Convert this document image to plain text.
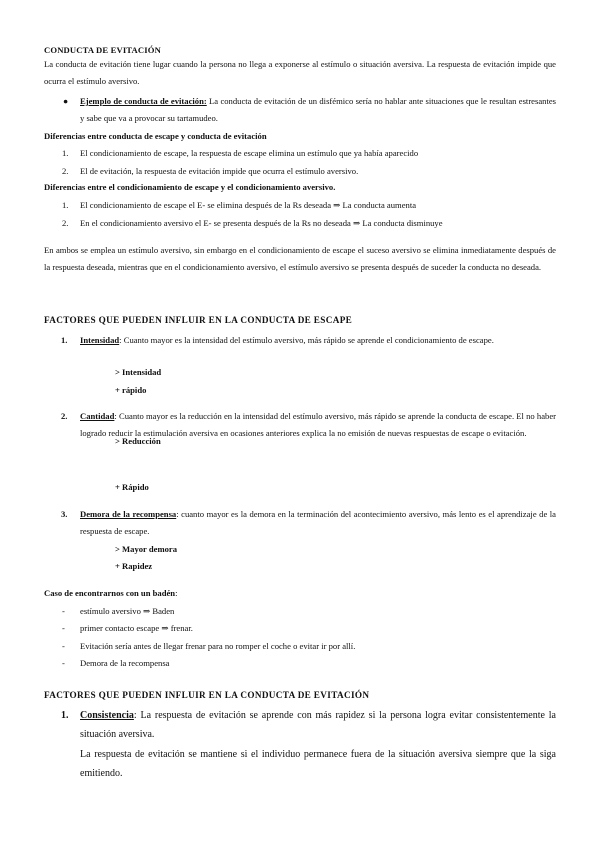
CONDUCTA DE EVITACIÓN

La conducta de evitación tiene lugar cuando la persona no llega a exponerse al estímulo o situación aversiva. La respuesta de evitación impide que ocurra el estímulo aversivo.

● Ejemplo de conducta de evitación: La conducta de evitación de un disfémico sería no hablar ante situaciones que le resultan estresantes y sabe que va a provocar su tartamudeo.

Diferencias entre conducta de escape y conducta de evitación

1. El condicionamiento de escape, la respuesta de escape elimina un estímulo que ya había aparecido

2. El de evitación, la respuesta de evitación impide que ocurra el estímulo aversivo.

Diferencias entre el condicionamiento de escape y el condicionamiento aversivo.

1. El condicionamiento de escape el E- se elimina después de la Rs deseada ⇒ La conducta aumenta

2. En el condicionamiento aversivo el E- se presenta después de la Rs no deseada ⇒ La conducta disminuye

En ambos se emplea un estímulo aversivo, sin embargo en el condicionamiento de escape el suceso aversivo se elimina inmediatamente después de la respuesta deseada, mientras que en el condicionamiento aversivo, el estímulo aversivo se presenta después de suceder la conducta no deseada.

FACTORES QUE PUEDEN INFLUIR EN LA CONDUCTA DE ESCAPE
1. Intensidad: Cuanto mayor es la intensidad del estímulo aversivo, más rápido se aprende el condicionamiento de escape.

> Intensidad

+ rápido

2. Cantidad: Cuanto mayor es la reducción en la intensidad del estímulo aversivo, más rápido se aprende la conducta de escape. El no haber logrado reducir la estimulación aversiva en ocasiones anteriores explica la no emisión de nuevas respuestas de escape o evitación.

> Reducción

+ Rápido

3. Demora de la recompensa: cuanto mayor es la demora en la terminación del acontecimiento aversivo, más lento es el aprendizaje de la respuesta de escape.

> Mayor demora

+ Rapidez

Caso de encontrarnos con un badén:

- estímulo aversivo ⇒ Baden

- primer contacto escape ⇒ frenar.

- Evitación sería antes de llegar frenar para no romper el coche o evitar ir por allí.

- Demora de la recompensa

FACTORES QUE PUEDEN INFLUIR EN LA CONDUCTA DE EVITACIÓN
1. Consistencia: La respuesta de evitación se aprende con más rapidez si la persona logra evitar consistentemente la situación aversiva.

La respuesta de evitación se mantiene si el individuo permanece fuera de la situación aversiva siempre que la siga emitiendo.
